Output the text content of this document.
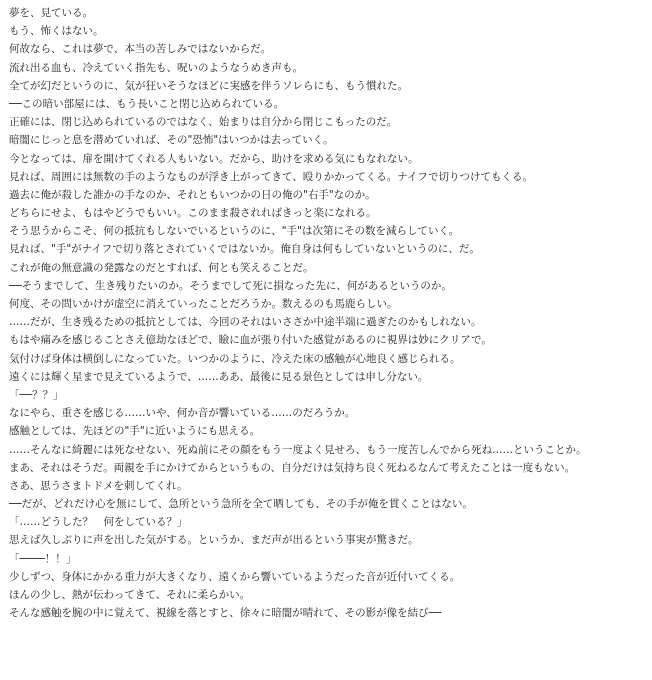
夢を、見ている。
もう、怖くはない。
何故なら、これは夢で、本当の苦しみではないからだ。
流れ出る血も、冷えていく指先も、呪いのようなうめき声も。
全てが幻だというのに、気が狂いそうなほどに実感を伴うソレらにも、もう慣れた。
──この暗い部屋には、もう長いこと閉じ込められている。
正確には、閉じ込められているのではなく、始まりは自分から閉じこもったのだ。
暗闇にじっと息を潜めていれば、その"恐怖"はいつかは去っていく。
今となっては、扉を開けてくれる人もいない。だから、助けを求める気にもなれない。
見れば、周囲には無数の手のようなものが浮き上がってきて、殴りかかってくる。ナイフで切りつけてもくる。
過去に俺が殺した誰かの手なのか、それともいつかの日の俺の"右手"なのか。
どちらにせよ、もはやどうでもいい。このまま殺されればきっと楽になれる。
そう思うからこそ、何の抵抗もしないでいるというのに、"手"は次第にその数を減らしていく。
見れば、"手"がナイフで切り落とされていくではないか。俺自身は何もしていないというのに、だ。
これが俺の無意識の発露なのだとすれば、何とも笑えることだ。
──そうまでして、生き残りたいのか。そうまでして死に損なった先に、何があるというのか。
何度、その問いかけが虚空に消えていったことだろうか。数えるのも馬鹿らしい。
……だが、生き残るための抵抗としては、今回のそれはいささか中途半端に過ぎたのかもしれない。
もはや痛みを感じることさえ億劫なほどで、瞼に血が張り付いた感覚があるのに視界は妙にクリアで。
気付けば身体は横倒しになっていた。いつかのように、冷えた床の感触が心地良く感じられる。
遠くには輝く星まで見えているようで、……ああ、最後に見る景色としては申し分ない。
「──？？」
なにやら、重さを感じる……いや、何か音が響いている……のだろうか。
感触としては、先ほどの"手"に近いようにも思える。
……そんなに綺麗には死なせない、死ぬ前にその顔をもう一度よく見せろ、もう一度苦しんでから死ね……ということか。
まあ、それはそうだ。両親を手にかけてからというもの、自分だけは気持ち良く死ねるなんて考えたことは一度もない。
さあ、思うさまトドメを刺してくれ。
──だが、どれだけ心を無にして、急所という急所を全て晒しても、その手が俺を貫くことはない。
「……どうした？　何をしている？」
思えば久しぶりに声を出した気がする。というか、まだ声が出るという事実が驚きだ。
「────！！」
少しずつ、身体にかかる重力が大きくなり、遠くから響いているようだった音が近付いてくる。
ほんの少し、熱が伝わってきて、それに柔らかい。
そんな感触を腕の中に覚えて、視線を落とすと、徐々に暗闇が晴れて、その影が像を結び──
